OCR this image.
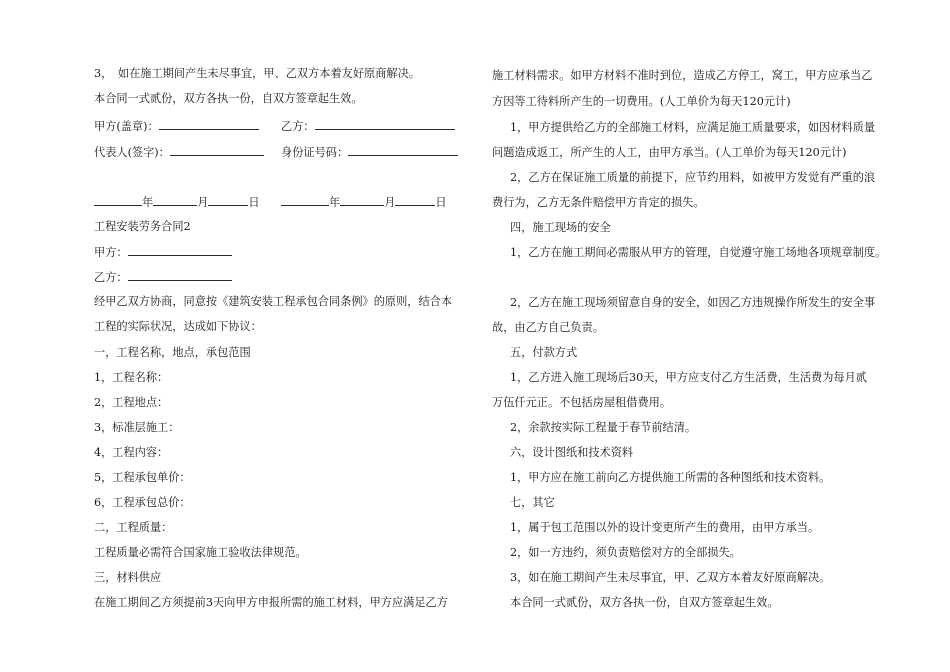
3，　如在施工期间产生未尽事宜，甲、乙双方本着友好原商解决。
本合同一式贰份，双方各执一份，自双方签章起生效。
甲方(盖章)：	乙方：
代表人(签字)：	身份证号码：
年	月	日	年	月	日
工程安装劳务合同2
甲方：
乙方：
经甲乙双方协商，同意按《建筑安装工程承包合同条例》的原则，结合本
工程的实际状况，达成如下协议：
一，工程名称，地点，承包范围
1，工程名称：
2，工程地点：
3，标准层施工：
4，工程内容：
5，工程承包单价：
6，工程承包总价：
二，工程质量：
工程质量必需符合国家施工验收法律规范。
三，材料供应
在施工期间乙方须提前3天向甲方申报所需的施工材料，甲方应满足乙方
施工材料需求。如甲方材料不准时到位，造成乙方停工，窝工，甲方应承当乙
方因等工待料所产生的一切费用。(人工单价为每天120元计)
1，甲方提供给乙方的全部施工材料，应满足施工质量要求，如因材料质量
问题造成返工，所产生的人工，由甲方承当。(人工单价为每天120元计)
2，乙方在保证施工质量的前提下，应节约用料，如被甲方发觉有严重的浪
费行为，乙方无条件赔偿甲方肯定的损失。
四，施工现场的安全
1，乙方在施工期间必需服从甲方的管理，自觉遵守施工场地各项规章制度。
2，乙方在施工现场须留意自身的安全，如因乙方违规操作所发生的安全事
故，由乙方自己负责。
五，付款方式
1，乙方进入施工现场后30天，甲方应支付乙方生活费，生活费为每月贰
万伍仟元正。不包括房屋租借费用。
2，余款按实际工程量于春节前结清。
六，设计图纸和技术资料
1，甲方应在施工前向乙方提供施工所需的各种图纸和技术资料。
七，其它
1，属于包工范围以外的设计变更所产生的费用，由甲方承当。
2，如一方违约，须负责赔偿对方的全部损失。
3，如在施工期间产生未尽事宜，甲、乙双方本着友好原商解决。
本合同一式贰份，双方各执一份，自双方签章起生效。
